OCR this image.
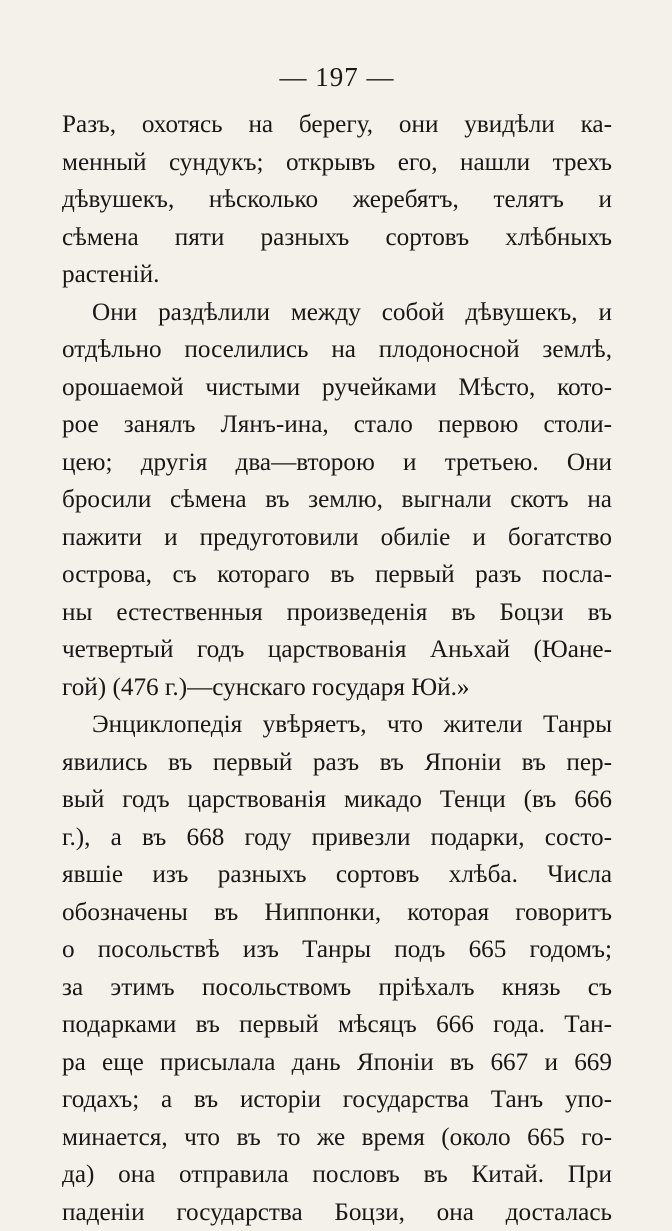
— 197 —
Разъ, охотясь на берегу, они увидѣли ка-
менный сундукъ; открывъ его, нашли трехъ
дѣвушекъ, нѣсколько жеребятъ, телятъ и
сѣмена пяти разныхъ сортовъ хлѣбныхъ
растеній.
Они раздѣлили между собой дѣвушекъ, и
отдѣльно поселились на плодоносной землѣ,
орошаемой чистыми ручейками Мѣсто, кото-
рое занялъ Лянъ-ина, стало первою столи-
цею; другія два—второю и третьею. Они
бросили сѣмена въ землю, выгнали скотъ на
пажити и предуготовили обиліе и богатство
острова, съ котораго въ первый разъ посла-
ны естественныя произведенія въ Боцзи въ
четвертый годъ царствованія Аньхай (Юане-
гой) (476 г.)—сунскаго государя Юй.»
Энциклопедія увѣряетъ, что жители Танры
явились въ первый разъ въ Японіи въ пер-
вый годъ царствованія микадо Тенци (въ 666
г.), а въ 668 году привезли подарки, состо-
явшіе изъ разныхъ сортовъ хлѣба. Числа
обозначены въ Ниппонки, которая говоритъ
о посольствѣ изъ Танры подъ 665 годомъ;
за этимъ посольствомъ пріѣхалъ князь съ
подарками въ первый мѣсяцъ 666 года. Тан-
ра еще присылала дань Японіи въ 667 и 669
годахъ; а въ исторіи государства Танъ упо-
минается, что въ то же время (около 665 го-
да) она отправила пословъ въ Китай. При
паденіи государства Боцзи, она досталась
